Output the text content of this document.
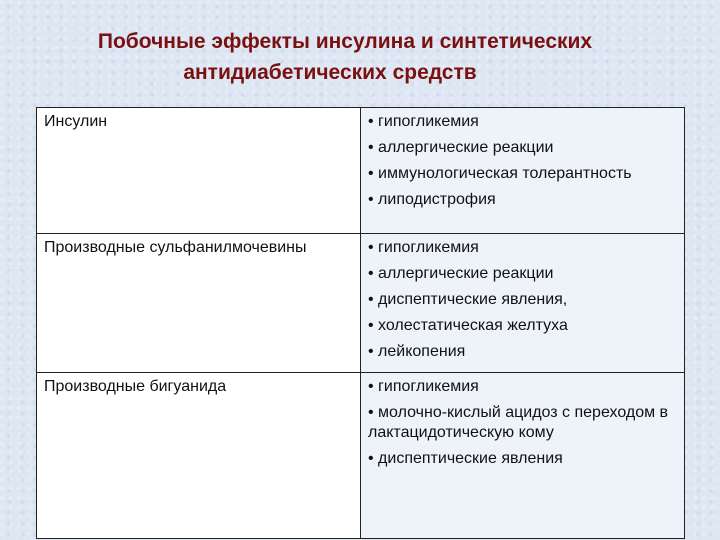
Побочные эффекты инсулина и синтетических
антидиабетических средств
Инсулин	• гипогликемия
• аллергические реакции
• иммунологическая толерантность
• липодистрофия

Производные сульфанилмочевины	• гипогликемия
• аллергические реакции
• диспептические явления,
• холестатическая желтуха
• лейкопения

Производные бигуанида	• гипогликемия
• молочно-кислый ацидоз с переходом в лактацидотическую кому
• диспептические явления
